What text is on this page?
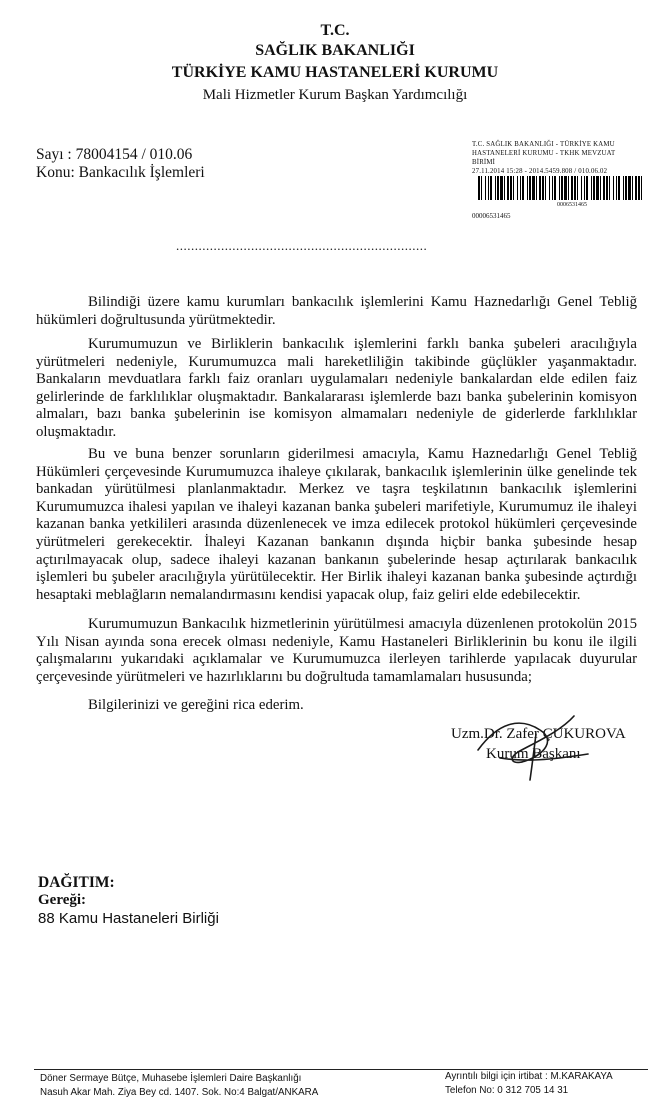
T.C.
SAĞLIK BAKANLIĞI
TÜRKİYE KAMU HASTANELERİ KURUMU
Mali Hizmetler Kurum Başkan Yardımcılığı
Sayı : 78004154 / 010.06
Konu: Bankacılık İşlemleri
T.C. SAĞLIK BAKANLIĞI - TÜRKİYE KAMU
HASTANELERİ KURUMU - TKHK MEVZUAT
BİRİMİ
27.11.2014 15:28 - 2014.5459.808 / 010.06.02
0006531465
00006531465
...................................................................

Bilindiği üzere kamu kurumları bankacılık işlemlerini Kamu Haznedarlığı Genel Tebliğ hükümleri doğrultusunda yürütmektedir.

Kurumumuzun ve Birliklerin bankacılık işlemlerini farklı banka şubeleri aracılığıyla yürütmeleri nedeniyle, Kurumumuzca mali hareketliliğin takibinde güçlükler yaşanmaktadır. Bankaların mevduatlara farklı faiz oranları uygulamaları nedeniyle bankalardan elde edilen faiz gelirlerinde de farklılıklar oluşmaktadır. Bankalararası işlemlerde bazı banka şubelerinin komisyon almaları, bazı banka şubelerinin ise komisyon almamaları nedeniyle de giderlerde farklılıklar oluşmaktadır.

Bu ve buna benzer sorunların giderilmesi amacıyla, Kamu Haznedarlığı Genel Tebliğ Hükümleri çerçevesinde Kurumumuzca ihaleye çıkılarak, bankacılık işlemlerinin ülke genelinde tek bankadan yürütülmesi planlanmaktadır. Merkez ve taşra teşkilatının bankacılık işlemlerini Kurumumuzca ihalesi yapılan ve ihaleyi kazanan banka şubeleri marifetiyle, Kurumumuz ile ihaleyi kazanan banka yetkilileri arasında düzenlenecek ve imza edilecek protokol hükümleri çerçevesinde yürütmeleri gerekecektir. İhaleyi Kazanan bankanın dışında hiçbir banka şubesinde hesap açtırılmayacak olup, sadece ihaleyi kazanan bankanın şubelerinde hesap açtırılarak bankacılık işlemleri bu şubeler aracılığıyla yürütülecektir. Her Birlik ihaleyi kazanan banka şubesinde açtırdığı hesaptaki meblağların nemalandırmasını kendisi yapacak olup, faiz geliri elde edebilecektir.

Kurumumuzun Bankacılık hizmetlerinin yürütülmesi amacıyla düzenlenen protokolün 2015 Yılı Nisan ayında sona erecek olması nedeniyle, Kamu Hastaneleri Birliklerinin bu konu ile ilgili çalışmalarını yukarıdaki açıklamalar ve Kurumumuzca ilerleyen tarihlerde yapılacak duyurular çerçevesinde yürütmeleri ve hazırlıklarını bu doğrultuda tamamlamaları hususunda;

Bilgilerinizi ve gereğini rica ederim.

Uzm.Dr. Zafer ÇUKUROVA
Kurum Başkanı
DAĞITIM:
Gereği:
88 Kamu Hastaneleri Birliği
Döner Sermaye Bütçe, Muhasebe İşlemleri Daire Başkanlığı
Nasuh Akar Mah. Ziya Bey cd. 1407. Sok. No:4 Balgat/ANKARA
Ayrıntılı bilgi için irtibat : M.KARAKAYA
Telefon No: 0 312 705 14 31
